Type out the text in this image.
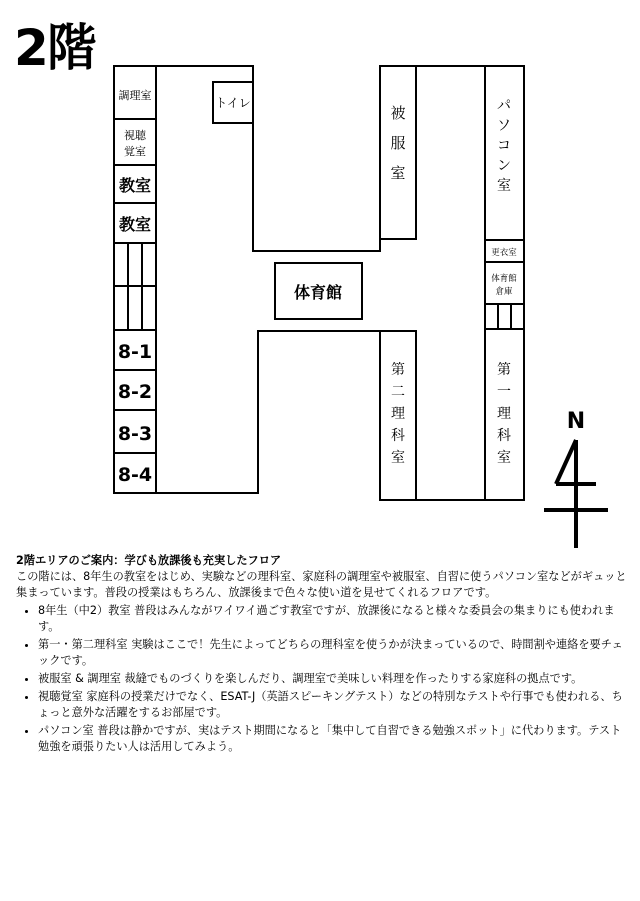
2階
N
調理室
視聴
覚室
教室
教室
8-1
8-2
8-3
8-4
トイレ
体育館
更衣室
体育館
倉庫
被
服
室
パ
ソ
コ
ン
室
第
二
理
科
室
第
一
理
科
室

2階エリアのご案内：学びも放課後も充実したフロア

この階には、8年生の教室をはじめ、実験などの理科室、家庭科の調理室や被服室、自習に使うパソコン室などがギュッと集まっています。普段の授業はもちろん、放課後まで色々な使い道を見せてくれるフロアです。

• 8年生（中2）教室 普段はみんながワイワイ過ごす教室ですが、放課後になると様々な委員会の集まりにも使われます。
• 第一・第二理科室 実験はここで！先生によってどちらの理科室を使うかが決まっているので、時間割や連絡を要チェックです。
• 被服室 & 調理室 裁縫でものづくりを楽しんだり、調理室で美味しい料理を作ったりする家庭科の拠点です。
• 視聴覚室 家庭科の授業だけでなく、ESAT-J（英語スピーキングテスト）などの特別なテストや行事でも使われる、ちょっと意外な活躍をするお部屋です。
• パソコン室 普段は静かですが、実はテスト期間になると「集中して自習できる勉強スポット」に代わります。テスト勉強を頑張りたい人は活用してみよう。
